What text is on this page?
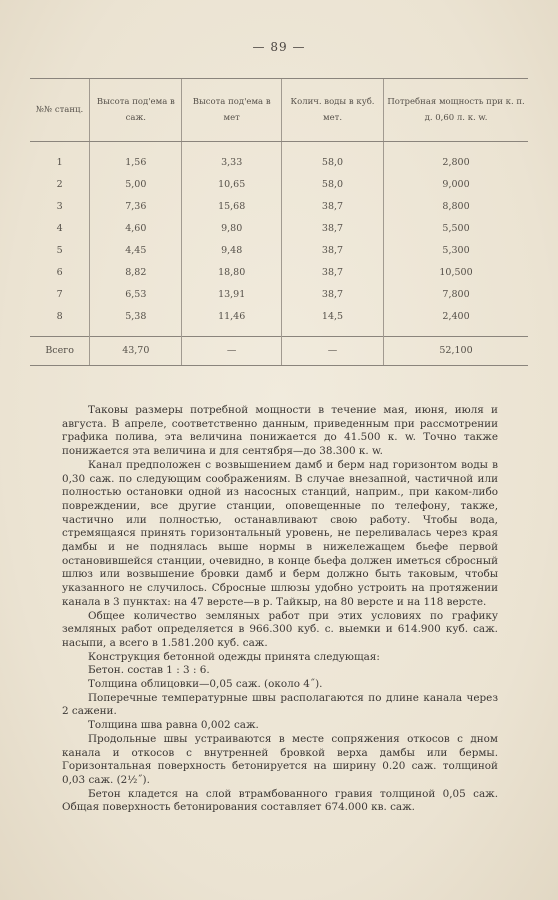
— 89 —
№№ станц.	Высота под'ема в саж.	Высота под'ема в мет	Колич. воды в куб. мет.	Потребная мощность при к. п. д. 0,60 л. к. w.
1	1,56	3,33	58,0	2,800
2	5,00	10,65	58,0	9,000
3	7,36	15,68	38,7	8,800
4	4,60	9,80	38,7	5,500
5	4,45	9,48	38,7	5,300
6	8,82	18,80	38,7	10,500
7	6,53	13,91	38,7	7,800
8	5,38	11,46	14,5	2,400
Всего	43,70	—	—	52,100

Таковы размеры потребной мощности в течение мая, июня, июля и августа. В апреле, соответственно данным, приведенным при рассмотрении графика полива, эта величина понижается до 41.500 к. w. Точно также понижается эта величина и для сентября—до 38.300 к. w.

Канал предположен с возвышением дамб и берм над горизонтом воды в 0,30 саж. по следующим соображениям. В случае внезапной, частичной или полностью остановки одной из насосных станций, наприм., при каком-либо повреждении, все другие станции, оповещенные по телефону, также, частично или полностью, останавливают свою работу. Чтобы вода, стремящаяся принять горизонтальный уровень, не переливалась через края дамбы и не поднялась выше нормы в нижележащем бьефе первой остановившейся станции, очевидно, в конце бьефа должен иметься сбросный шлюз или возвышение бровки дамб и берм должно быть таковым, чтобы указанного не случилось. Сбросные шлюзы удобно устроить на протяжении канала в 3 пунктах: на 47 версте—в р. Тайкыр, на 80 версте и на 118 версте.

Общее количество земляных работ при этих условиях по графику земляных работ определяется в 966.300 куб. с. выемки и 614.900 куб. саж. насыпи, а всего в 1.581.200 куб. саж.

Конструкция бетонной одежды принята следующая:

Бетон. состав 1 : 3 : 6.

Толщина облицовки—0,05 саж. (около 4˝).

Поперечные температурные швы располагаются по длине канала через 2 сажени.

Толщина шва равна 0,002 саж.

Продольные швы устраиваются в месте сопряжения откосов с дном канала и откосов с внутренней бровкой верха дамбы или бермы. Горизонтальная поверхность бетонируется на ширину 0.20 саж. толщиной 0,03 саж. (2½˝).

Бетон кладется на слой втрамбованного гравия толщиной 0,05 саж. Общая поверхность бетонирования составляет 674.000 кв. саж.
